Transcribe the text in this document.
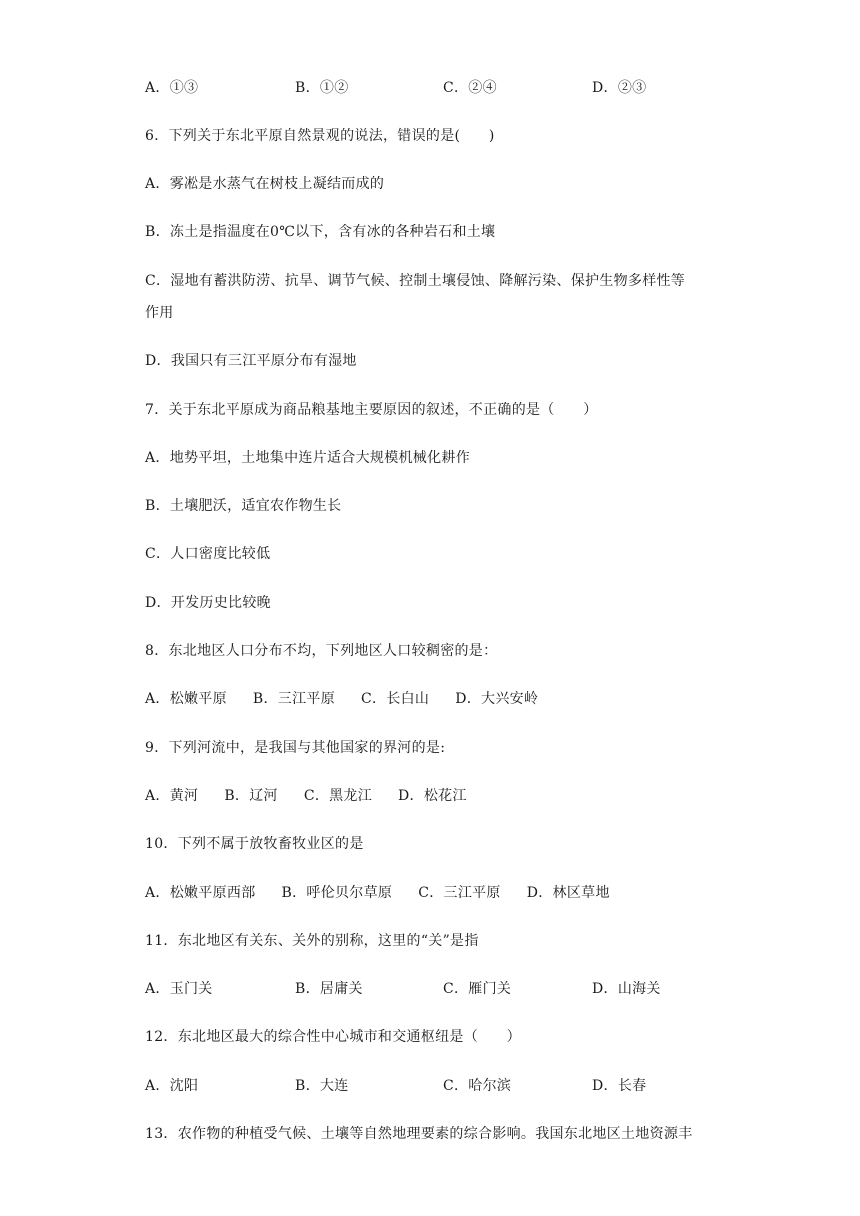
A．①③	B．①②	C．②④	D．②③
6．下列关于东北平原自然景观的说法，错误的是(　　)
A．雾凇是水蒸气在树枝上凝结而成的
B．冻土是指温度在0℃以下，含有冰的各种岩石和土壤
C．湿地有蓄洪防涝、抗旱、调节气候、控制土壤侵蚀、降解污染、保护生物多样性等
作用
D．我国只有三江平原分布有湿地
7．关于东北平原成为商品粮基地主要原因的叙述，不正确的是（　　）
A．地势平坦，土地集中连片适合大规模机械化耕作
B．土壤肥沃，适宜农作物生长
C．人口密度比较低
D．开发历史比较晚
8．东北地区人口分布不均，下列地区人口较稠密的是：
A．松嫩平原 B．三江平原 C．长白山 D．大兴安岭
9．下列河流中，是我国与其他国家的界河的是:
A．黄河 B．辽河 C．黑龙江 D．松花江
10．下列不属于放牧畜牧业区的是
A．松嫩平原西部 B．呼伦贝尔草原 C．三江平原 D．林区草地
11．东北地区有关东、关外的别称，这里的“关”是指
A．玉门关	B．居庸关	C．雁门关	D．山海关
12．东北地区最大的综合性中心城市和交通枢纽是（　　）
A．沈阳	B．大连	C．哈尔滨	D．长春
13．农作物的种植受气候、土壤等自然地理要素的综合影响。我国东北地区土地资源丰
